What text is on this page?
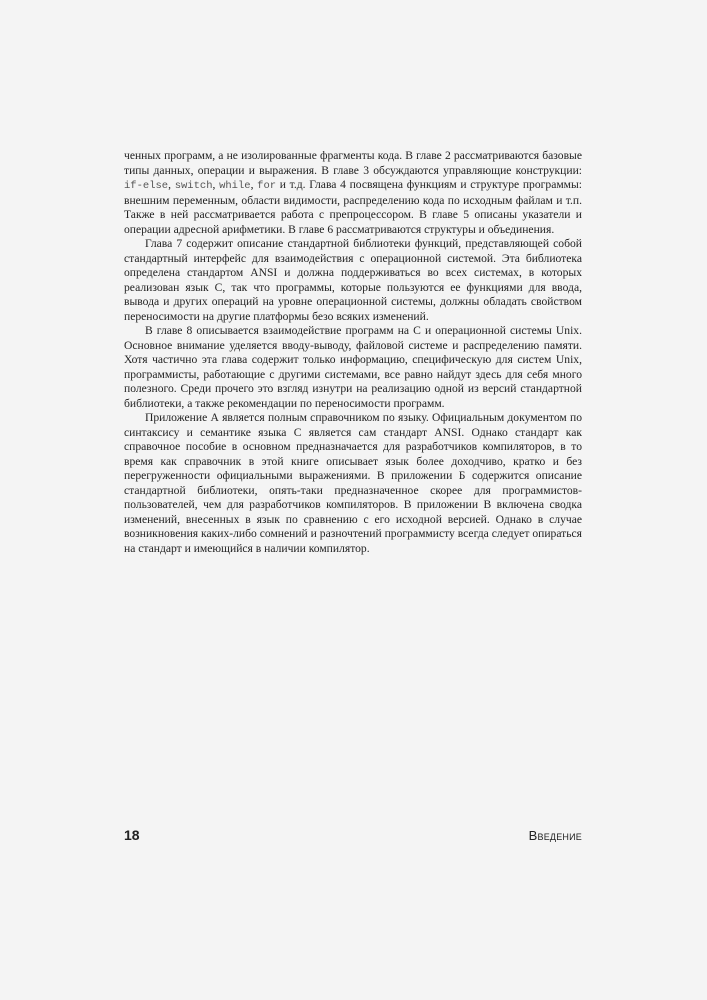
ченных программ, а не изолированные фрагменты кода. В главе 2 рассматриваются базовые типы данных, операции и выражения. В главе 3 обсуждаются управляющие конструкции: if-else, switch, while, for и т.д. Глава 4 посвящена функциям и структуре программы: внешним переменным, области видимости, распределению кода по исходным файлам и т.п. Также в ней рассматривается работа с препроцессором. В главе 5 описаны указатели и операции адресной арифметики. В главе 6 рассматриваются структуры и объединения.

Глава 7 содержит описание стандартной библиотеки функций, представляющей собой стандартный интерфейс для взаимодействия с операционной системой. Эта библиотека определена стандартом ANSI и должна поддерживаться во всех системах, в которых реализован язык С, так что программы, которые пользуются ее функциями для ввода, вывода и других операций на уровне операционной системы, должны обладать свойством переносимости на другие платформы безо всяких изменений.

В главе 8 описывается взаимодействие программ на С и операционной системы Unix. Основное внимание уделяется вводу-выводу, файловой системе и распределению памяти. Хотя частично эта глава содержит только информацию, специфическую для систем Unix, программисты, работающие с другими системами, все равно найдут здесь для себя много полезного. Среди прочего это взгляд изнутри на реализацию одной из версий стандартной библиотеки, а также рекомендации по переносимости программ.

Приложение А является полным справочником по языку. Официальным документом по синтаксису и семантике языка С является сам стандарт ANSI. Однако стандарт как справочное пособие в основном предназначается для разработчиков компиляторов, в то время как справочник в этой книге описывает язык более доходчиво, кратко и без перегруженности официальными выражениями. В приложении Б содержится описание стандартной библиотеки, опять-таки предназначенное скорее для программистов-пользователей, чем для разработчиков компиляторов. В приложении В включена сводка изменений, внесенных в язык по сравнению с его исходной версией. Однако в случае возникновения каких-либо сомнений и разночтений программисту всегда следует опираться на стандарт и имеющийся в наличии компилятор.

18	Введение
